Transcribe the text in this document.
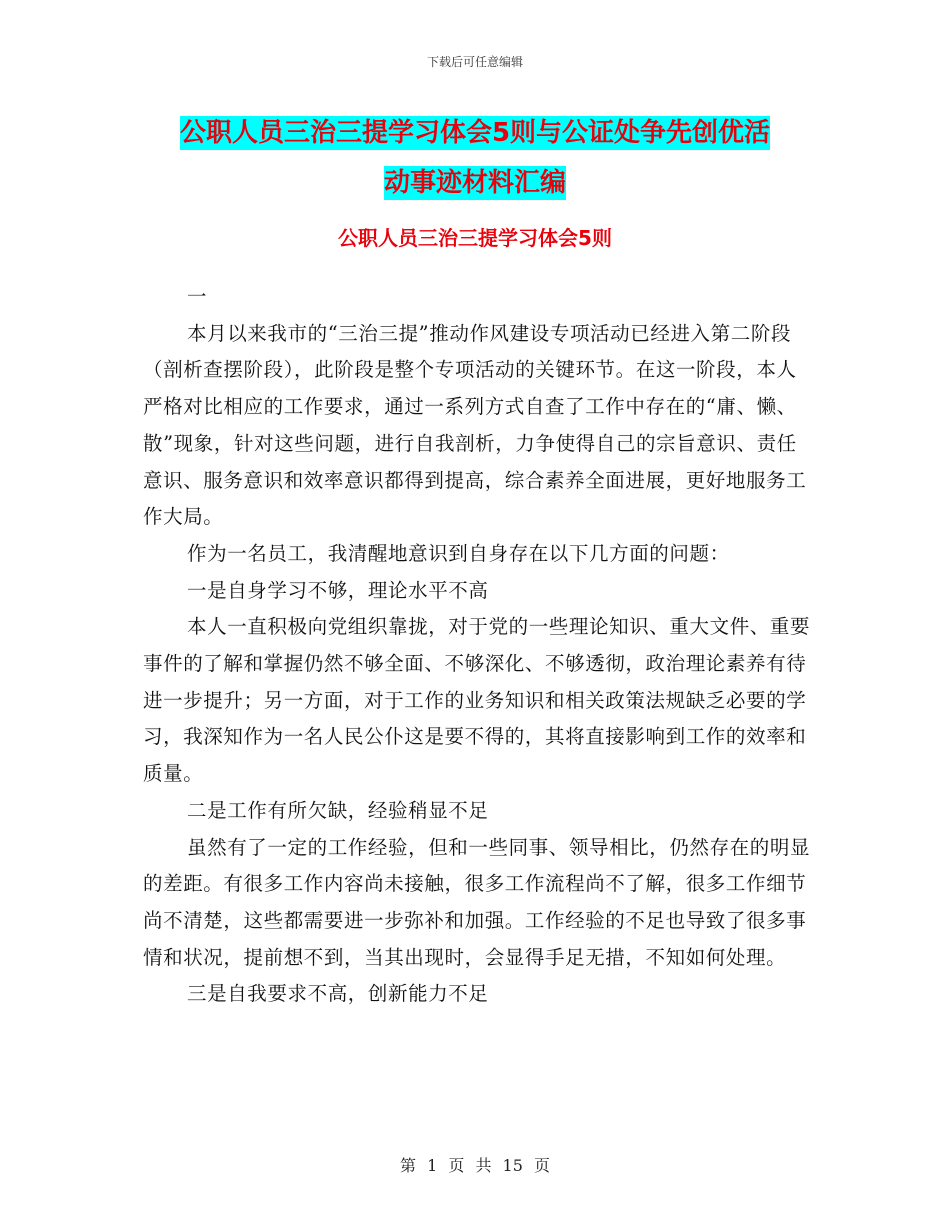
下载后可任意编辑
公职人员三治三提学习体会5则与公证处争先创优活
动事迹材料汇编
公职人员三治三提学习体会5则

一

本月以来我市的“三治三提”推动作风建设专项活动已经进入第二阶段（剖析查摆阶段），此阶段是整个专项活动的关键环节。在这一阶段，本人严格对比相应的工作要求，通过一系列方式自查了工作中存在的“庸、懒、散”现象，针对这些问题，进行自我剖析，力争使得自己的宗旨意识、责任意识、服务意识和效率意识都得到提高，综合素养全面进展，更好地服务工作大局。

作为一名员工，我清醒地意识到自身存在以下几方面的问题：

一是自身学习不够，理论水平不高

本人一直积极向党组织靠拢，对于党的一些理论知识、重大文件、重要事件的了解和掌握仍然不够全面、不够深化、不够透彻，政治理论素养有待进一步提升；另一方面，对于工作的业务知识和相关政策法规缺乏必要的学习，我深知作为一名人民公仆这是要不得的，其将直接影响到工作的效率和质量。

二是工作有所欠缺，经验稍显不足

虽然有了一定的工作经验，但和一些同事、领导相比，仍然存在的明显的差距。有很多工作内容尚未接触，很多工作流程尚不了解，很多工作细节尚不清楚，这些都需要进一步弥补和加强。工作经验的不足也导致了很多事情和状况，提前想不到，当其出现时，会显得手足无措，不知如何处理。

三是自我要求不高，创新能力不足

第 1 页 共 15 页
